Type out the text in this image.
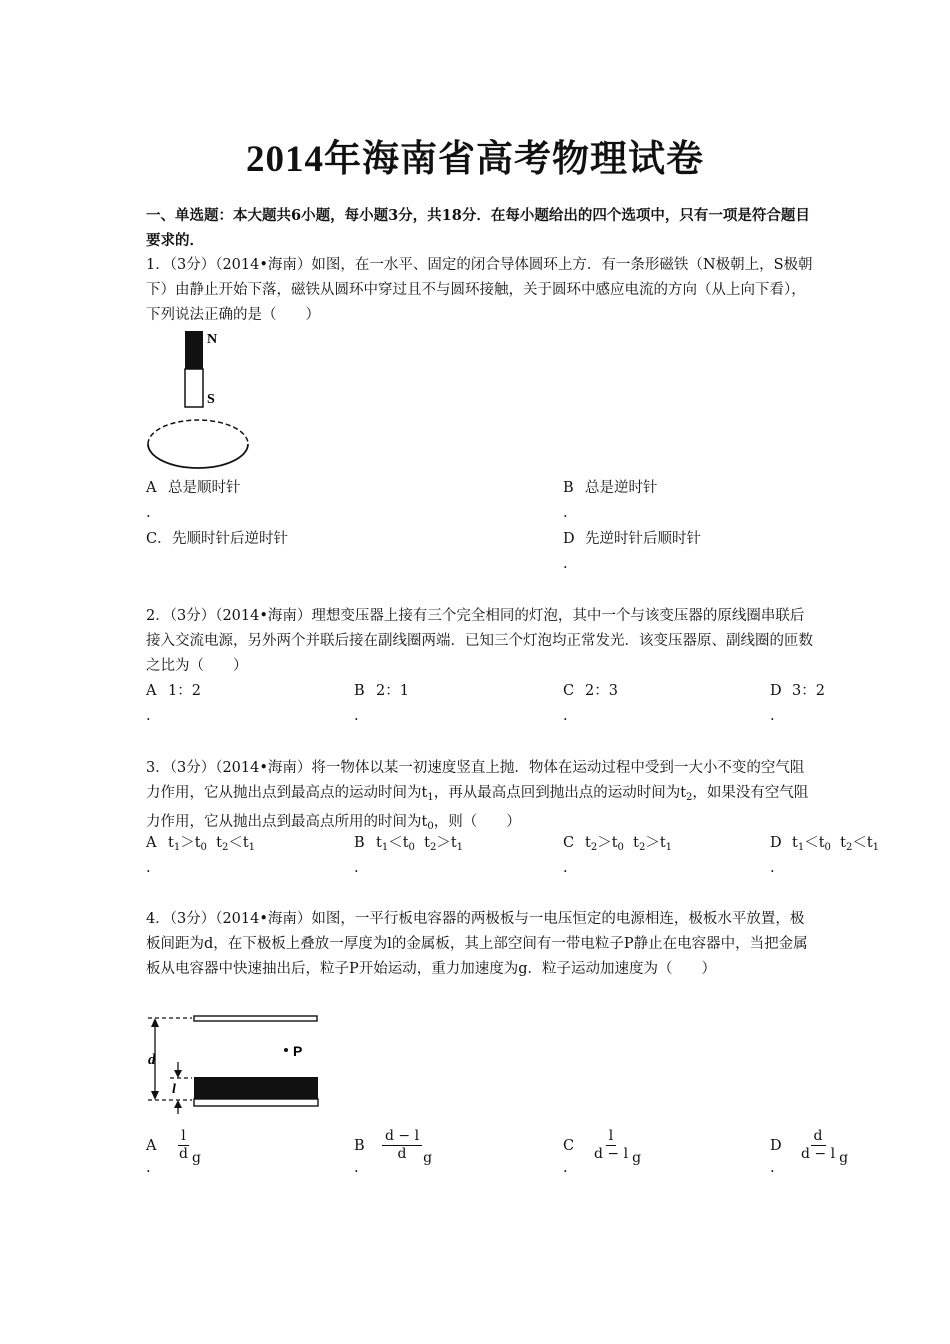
2014年海南省高考物理试卷
一、单选题：本大题共6小题，每小题3分，共18分．在每小题给出的四个选项中，只有一项是符合题目要求的．
1．（3分）（2014•海南）如图，在一水平、固定的闭合导体圆环上方．有一条形磁铁（N极朝上，S极朝下）由静止开始下落，磁铁从圆环中穿过且不与圆环接触，关于圆环中感应电流的方向（从上向下看），下列说法正确的是（　　）
N
S
A 总是顺时针
.
B 总是逆时针
.
C．先顺时针后逆时针	D 先逆时针后顺时针
.
2．（3分）（2014•海南）理想变压器上接有三个完全相同的灯泡，其中一个与该变压器的原线圈串联后接入交流电源，另外两个并联后接在副线圈两端．已知三个灯泡均正常发光．该变压器原、副线圈的匝数之比为（　　）
A 1：2
.
B 2：1
.
C 2：3
.
D 3：2
.
3．（3分）（2014•海南）将一物体以某一初速度竖直上抛．物体在运动过程中受到一大小不变的空气阻力作用，它从抛出点到最高点的运动时间为$t_1$，再从最高点回到抛出点的运动时间为$t_2$，如果没有空气阻力作用，它从抛出点到最高点所用的时间为$t_0$，则（　　）
A $t_1>t_0$  $t_2<t_1$
.
B $t_1<t_0$  $t_2>t_1$
.
C $t_2>t_0$  $t_2>t_1$
.
D $t_1<t_0$  $t_2<t_1$
.
4．（3分）（2014•海南）如图，一平行板电容器的两极板与一电压恒定的电源相连，极板水平放置，极板间距为d，在下极板上叠放一厚度为l的金属板，其上部空间有一带电粒子P静止在电容器中，当把金属板从电容器中快速抽出后，粒子P开始运动，重力加速度为g．粒子运动加速度为（　　）
d
l
P
A $\frac{l}{d}$ g
.
B $\frac{d - l}{d}$ g
.
C $\frac{l}{d - l}$ g
.
D $\frac{d}{d - l}$ g
.
